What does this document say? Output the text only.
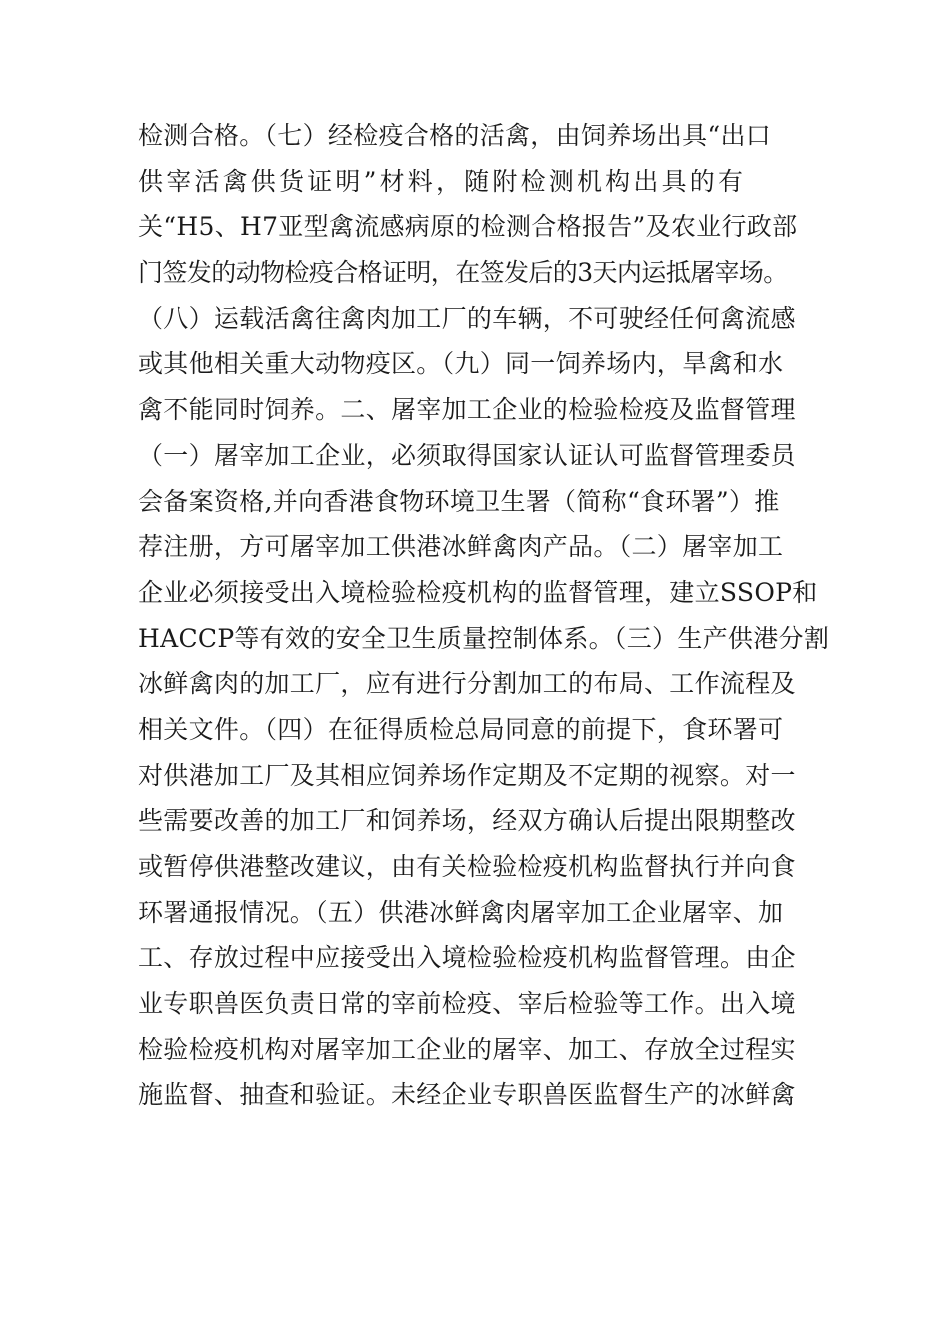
检测合格。（七）经检疫合格的活禽，由饲养场出具“出口
供宰活禽供货证明”材料，随附检测机构出具的有
关“H5、H7亚型禽流感病原的检测合格报告”及农业行政部
门签发的动物检疫合格证明，在签发后的3天内运抵屠宰场。
（八）运载活禽往禽肉加工厂的车辆，不可驶经任何禽流感
或其他相关重大动物疫区。（九）同一饲养场内，旱禽和水
禽不能同时饲养。二、屠宰加工企业的检验检疫及监督管理
（一）屠宰加工企业，必须取得国家认证认可监督管理委员
会备案资格,并向香港食物环境卫生署（简称“食环署”）推
荐注册，方可屠宰加工供港冰鲜禽肉产品。（二）屠宰加工
企业必须接受出入境检验检疫机构的监督管理，建立SSOP和
HACCP等有效的安全卫生质量控制体系。（三）生产供港分割
冰鲜禽肉的加工厂，应有进行分割加工的布局、工作流程及
相关文件。（四）在征得质检总局同意的前提下，食环署可
对供港加工厂及其相应饲养场作定期及不定期的视察。对一
些需要改善的加工厂和饲养场，经双方确认后提出限期整改
或暂停供港整改建议，由有关检验检疫机构监督执行并向食
环署通报情况。（五）供港冰鲜禽肉屠宰加工企业屠宰、加
工、存放过程中应接受出入境检验检疫机构监督管理。由企
业专职兽医负责日常的宰前检疫、宰后检验等工作。出入境
检验检疫机构对屠宰加工企业的屠宰、加工、存放全过程实
施监督、抽查和验证。未经企业专职兽医监督生产的冰鲜禽
